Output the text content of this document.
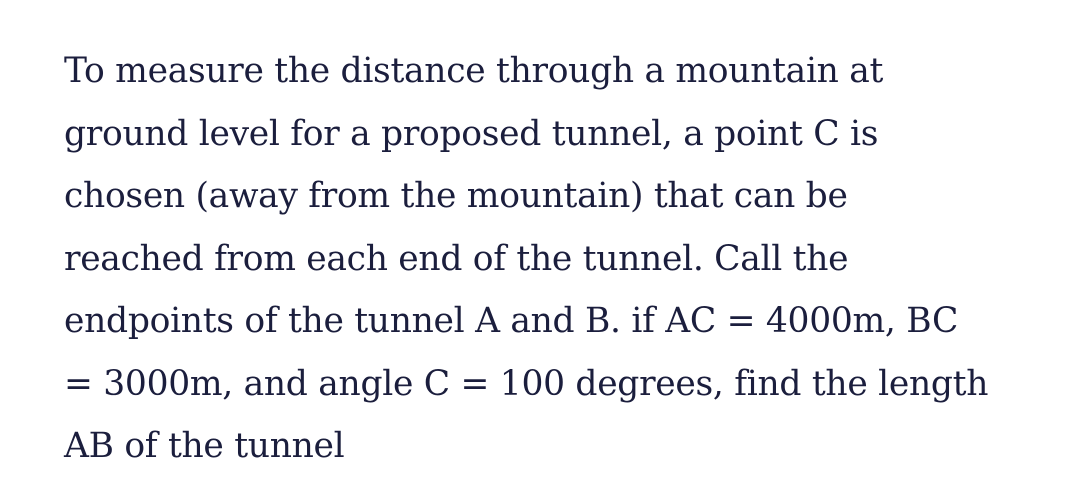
To measure the distance through a mountain at
ground level for a proposed tunnel, a point C is
chosen (away from the mountain) that can be
reached from each end of the tunnel. Call the
endpoints of the tunnel A and B. if AC = 4000m, BC
= 3000m, and angle C = 100 degrees, find the length
AB of the tunnel
